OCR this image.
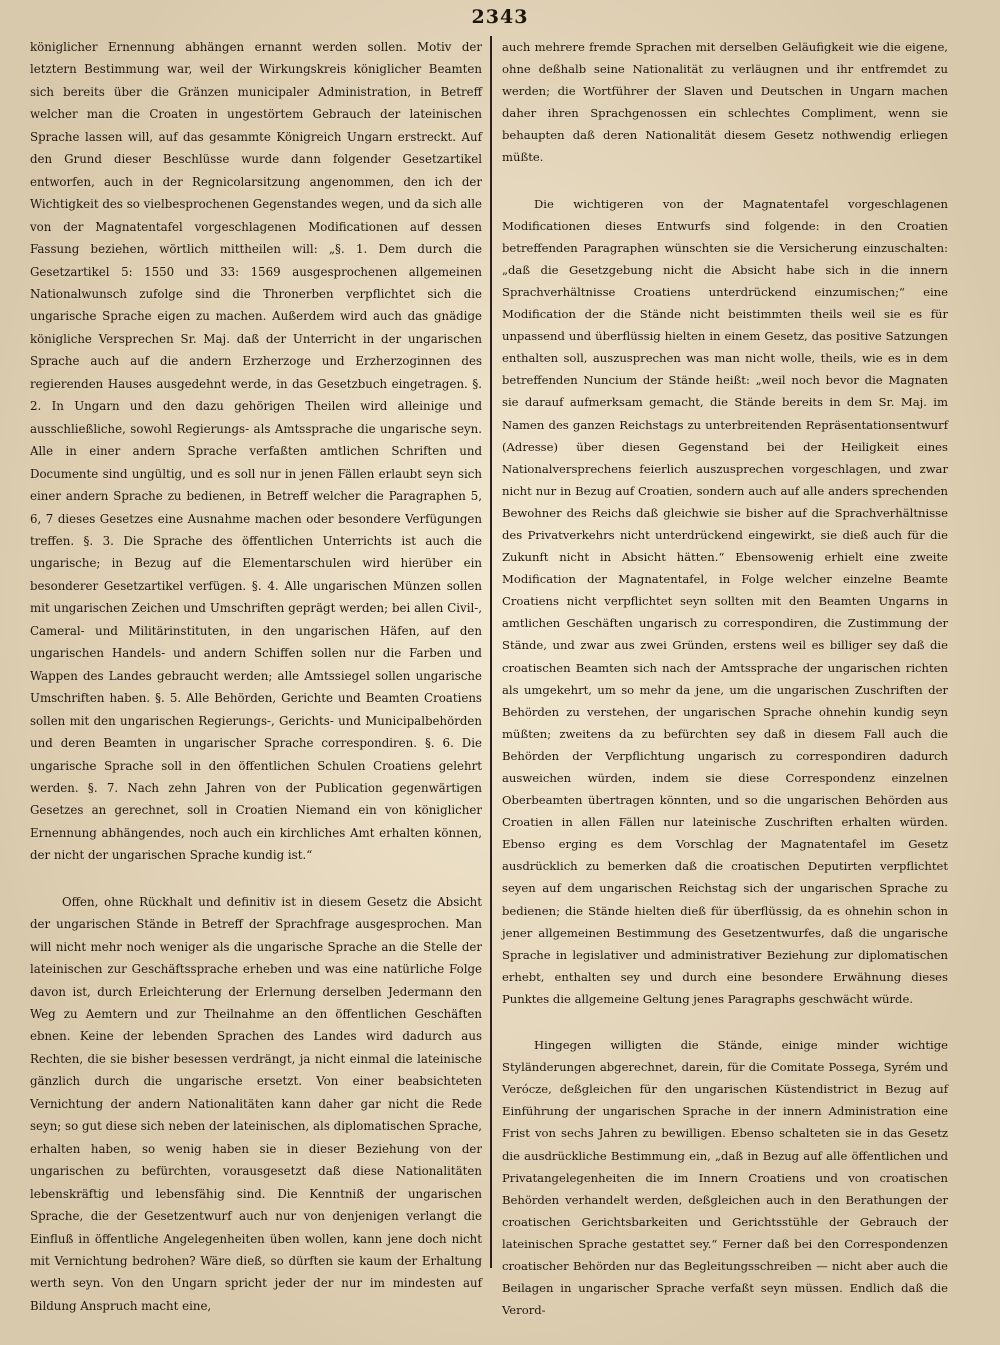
2343

königlicher Ernennung abhängen ernannt werden sollen. Motiv der letztern Bestimmung war, weil der Wirkungskreis königlicher Beamten sich bereits über die Gränzen municipaler Administration, in Betreff welcher man die Croaten in ungestörtem Gebrauch der lateinischen Sprache lassen will, auf das gesammte Königreich Ungarn erstreckt. Auf den Grund dieser Beschlüsse wurde dann folgender Gesetzartikel entworfen, auch in der Regnicolarsitzung angenommen, den ich der Wichtigkeit des so vielbesprochenen Gegenstandes wegen, und da sich alle von der Magnatentafel vorgeschlagenen Modificationen auf dessen Fassung beziehen, wörtlich mittheilen will: „§. 1. Dem durch die Gesetzartikel 5: 1550 und 33: 1569 ausgesprochenen allgemeinen Nationalwunsch zufolge sind die Thronerben verpflichtet sich die ungarische Sprache eigen zu machen. Außerdem wird auch das gnädige königliche Versprechen Sr. Maj. daß der Unterricht in der ungarischen Sprache auch auf die andern Erzherzoge und Erzherzoginnen des regierenden Hauses ausgedehnt werde, in das Gesetzbuch eingetragen. §. 2. In Ungarn und den dazu gehörigen Theilen wird alleinige und ausschließliche, sowohl Regierungs- als Amtssprache die ungarische seyn. Alle in einer andern Sprache verfaßten amtlichen Schriften und Documente sind ungültig, und es soll nur in jenen Fällen erlaubt seyn sich einer andern Sprache zu bedienen, in Betreff welcher die Paragraphen 5, 6, 7 dieses Gesetzes eine Ausnahme machen oder besondere Verfügungen treffen. §. 3. Die Sprache des öffentlichen Unterrichts ist auch die ungarische; in Bezug auf die Elementarschulen wird hierüber ein besonderer Gesetzartikel verfügen. §. 4. Alle ungarischen Münzen sollen mit ungarischen Zeichen und Umschriften geprägt werden; bei allen Civil-, Cameral- und Militärinstituten, in den ungarischen Häfen, auf den ungarischen Handels- und andern Schiffen sollen nur die Farben und Wappen des Landes gebraucht werden; alle Amtssiegel sollen ungarische Umschriften haben. §. 5. Alle Behörden, Gerichte und Beamten Croatiens sollen mit den ungarischen Regierungs-, Gerichts- und Municipalbehörden und deren Beamten in ungarischer Sprache correspondiren. §. 6. Die ungarische Sprache soll in den öffentlichen Schulen Croatiens gelehrt werden. §. 7. Nach zehn Jahren von der Publication gegenwärtigen Gesetzes an gerechnet, soll in Croatien Niemand ein von königlicher Ernennung abhängendes, noch auch ein kirchliches Amt erhalten können, der nicht der ungarischen Sprache kundig ist.“

Offen, ohne Rückhalt und definitiv ist in diesem Gesetz die Absicht der ungarischen Stände in Betreff der Sprachfrage ausgesprochen. Man will nicht mehr noch weniger als die ungarische Sprache an die Stelle der lateinischen zur Geschäftssprache erheben und was eine natürliche Folge davon ist, durch Erleichterung der Erlernung derselben Jedermann den Weg zu Aemtern und zur Theilnahme an den öffentlichen Geschäften ebnen. Keine der lebenden Sprachen des Landes wird dadurch aus Rechten, die sie bisher besessen verdrängt, ja nicht einmal die lateinische gänzlich durch die ungarische ersetzt. Von einer beabsichteten Vernichtung der andern Nationalitäten kann daher gar nicht die Rede seyn; so gut diese sich neben der lateinischen, als diplomatischen Sprache, erhalten haben, so wenig haben sie in dieser Beziehung von der ungarischen zu befürchten, vorausgesetzt daß diese Nationalitäten lebenskräftig und lebensfähig sind. Die Kenntniß der ungarischen Sprache, die der Gesetzentwurf auch nur von denjenigen verlangt die Einfluß in öffentliche Angelegenheiten üben wollen, kann jene doch nicht mit Vernichtung bedrohen? Wäre dieß, so dürften sie kaum der Erhaltung werth seyn. Von den Ungarn spricht jeder der nur im mindesten auf Bildung Anspruch macht eine,

auch mehrere fremde Sprachen mit derselben Geläufigkeit wie die eigene, ohne deßhalb seine Nationalität zu verläugnen und ihr entfremdet zu werden; die Wortführer der Slaven und Deutschen in Ungarn machen daher ihren Sprachgenossen ein schlechtes Compliment, wenn sie behaupten daß deren Nationalität diesem Gesetz nothwendig erliegen müßte.

Die wichtigeren von der Magnatentafel vorgeschlagenen Modificationen dieses Entwurfs sind folgende: in den Croatien betreffenden Paragraphen wünschten sie die Versicherung einzuschalten: „daß die Gesetzgebung nicht die Absicht habe sich in die innern Sprachverhältnisse Croatiens unterdrückend einzumischen;“ eine Modification der die Stände nicht beistimmten theils weil sie es für unpassend und überflüssig hielten in einem Gesetz, das positive Satzungen enthalten soll, auszusprechen was man nicht wolle, theils, wie es in dem betreffenden Nuncium der Stände heißt: „weil noch bevor die Magnaten sie darauf aufmerksam gemacht, die Stände bereits in dem Sr. Maj. im Namen des ganzen Reichstags zu unterbreitenden Repräsentationsentwurf (Adresse) über diesen Gegenstand bei der Heiligkeit eines Nationalversprechens feierlich auszusprechen vorgeschlagen, und zwar nicht nur in Bezug auf Croatien, sondern auch auf alle anders sprechenden Bewohner des Reichs daß gleichwie sie bisher auf die Sprachverhältnisse des Privatverkehrs nicht unterdrückend eingewirkt, sie dieß auch für die Zukunft nicht in Absicht hätten.“ Ebensowenig erhielt eine zweite Modification der Magnatentafel, in Folge welcher einzelne Beamte Croatiens nicht verpflichtet seyn sollten mit den Beamten Ungarns in amtlichen Geschäften ungarisch zu correspondiren, die Zustimmung der Stände, und zwar aus zwei Gründen, erstens weil es billiger sey daß die croatischen Beamten sich nach der Amtssprache der ungarischen richten als umgekehrt, um so mehr da jene, um die ungarischen Zuschriften der Behörden zu verstehen, der ungarischen Sprache ohnehin kundig seyn müßten; zweitens da zu befürchten sey daß in diesem Fall auch die Behörden der Verpflichtung ungarisch zu correspondiren dadurch ausweichen würden, indem sie diese Correspondenz einzelnen Oberbeamten übertragen könnten, und so die ungarischen Behörden aus Croatien in allen Fällen nur lateinische Zuschriften erhalten würden. Ebenso erging es dem Vorschlag der Magnatentafel im Gesetz ausdrücklich zu bemerken daß die croatischen Deputirten verpflichtet seyen auf dem ungarischen Reichstag sich der ungarischen Sprache zu bedienen; die Stände hielten dieß für überflüssig, da es ohnehin schon in jener allgemeinen Bestimmung des Gesetzentwurfes, daß die ungarische Sprache in legislativer und administrativer Beziehung zur diplomatischen erhebt, enthalten sey und durch eine besondere Erwähnung dieses Punktes die allgemeine Geltung jenes Paragraphs geschwächt würde.

Hingegen willigten die Stände, einige minder wichtige Styländerungen abgerechnet, darein, für die Comitate Possega, Syrém und Verócze, deßgleichen für den ungarischen Küstendistrict in Bezug auf Einführung der ungarischen Sprache in der innern Administration eine Frist von sechs Jahren zu bewilligen. Ebenso schalteten sie in das Gesetz die ausdrückliche Bestimmung ein, „daß in Bezug auf alle öffentlichen und Privatangelegenheiten die im Innern Croatiens und von croatischen Behörden verhandelt werden, deßgleichen auch in den Berathungen der croatischen Gerichtsbarkeiten und Gerichtsstühle der Gebrauch der lateinischen Sprache gestattet sey.“ Ferner daß bei den Correspondenzen croatischer Behörden nur das Begleitungsschreiben — nicht aber auch die Beilagen in ungarischer Sprache verfaßt seyn müssen. Endlich daß die Verord-
